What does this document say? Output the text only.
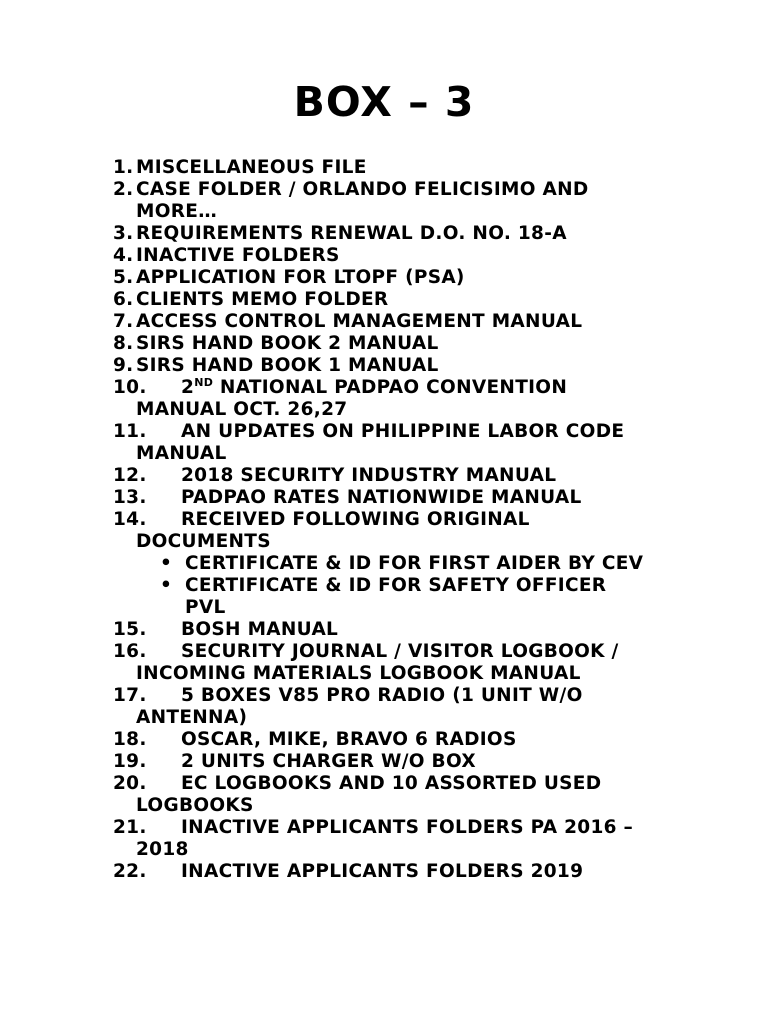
BOX – 3
1. MISCELLANEOUS FILE
2. CASE FOLDER / ORLANDO FELICISIMO AND
MORE…
3. REQUIREMENTS RENEWAL D.O. NO. 18-A
4. INACTIVE FOLDERS
5. APPLICATION FOR LTOPF (PSA)
6. CLIENTS MEMO FOLDER
7. ACCESS CONTROL MANAGEMENT MANUAL
8. SIRS HAND BOOK 2 MANUAL
9. SIRS HAND BOOK 1 MANUAL
10. 2ND NATIONAL PADPAO CONVENTION
MANUAL OCT. 26,27
11. AN UPDATES ON PHILIPPINE LABOR CODE
MANUAL
12. 2018 SECURITY INDUSTRY MANUAL
13. PADPAO RATES NATIONWIDE MANUAL
14. RECEIVED FOLLOWING ORIGINAL
DOCUMENTS
• CERTIFICATE & ID FOR FIRST AIDER BY CEV
• CERTIFICATE & ID FOR SAFETY OFFICER
PVL
15. BOSH MANUAL
16. SECURITY JOURNAL / VISITOR LOGBOOK /
INCOMING MATERIALS LOGBOOK MANUAL
17. 5 BOXES V85 PRO RADIO (1 UNIT W/O
ANTENNA)
18. OSCAR, MIKE, BRAVO 6 RADIOS
19. 2 UNITS CHARGER W/O BOX
20. EC LOGBOOKS AND 10 ASSORTED USED
LOGBOOKS
21. INACTIVE APPLICANTS FOLDERS PA 2016 –
2018
22. INACTIVE APPLICANTS FOLDERS 2019
